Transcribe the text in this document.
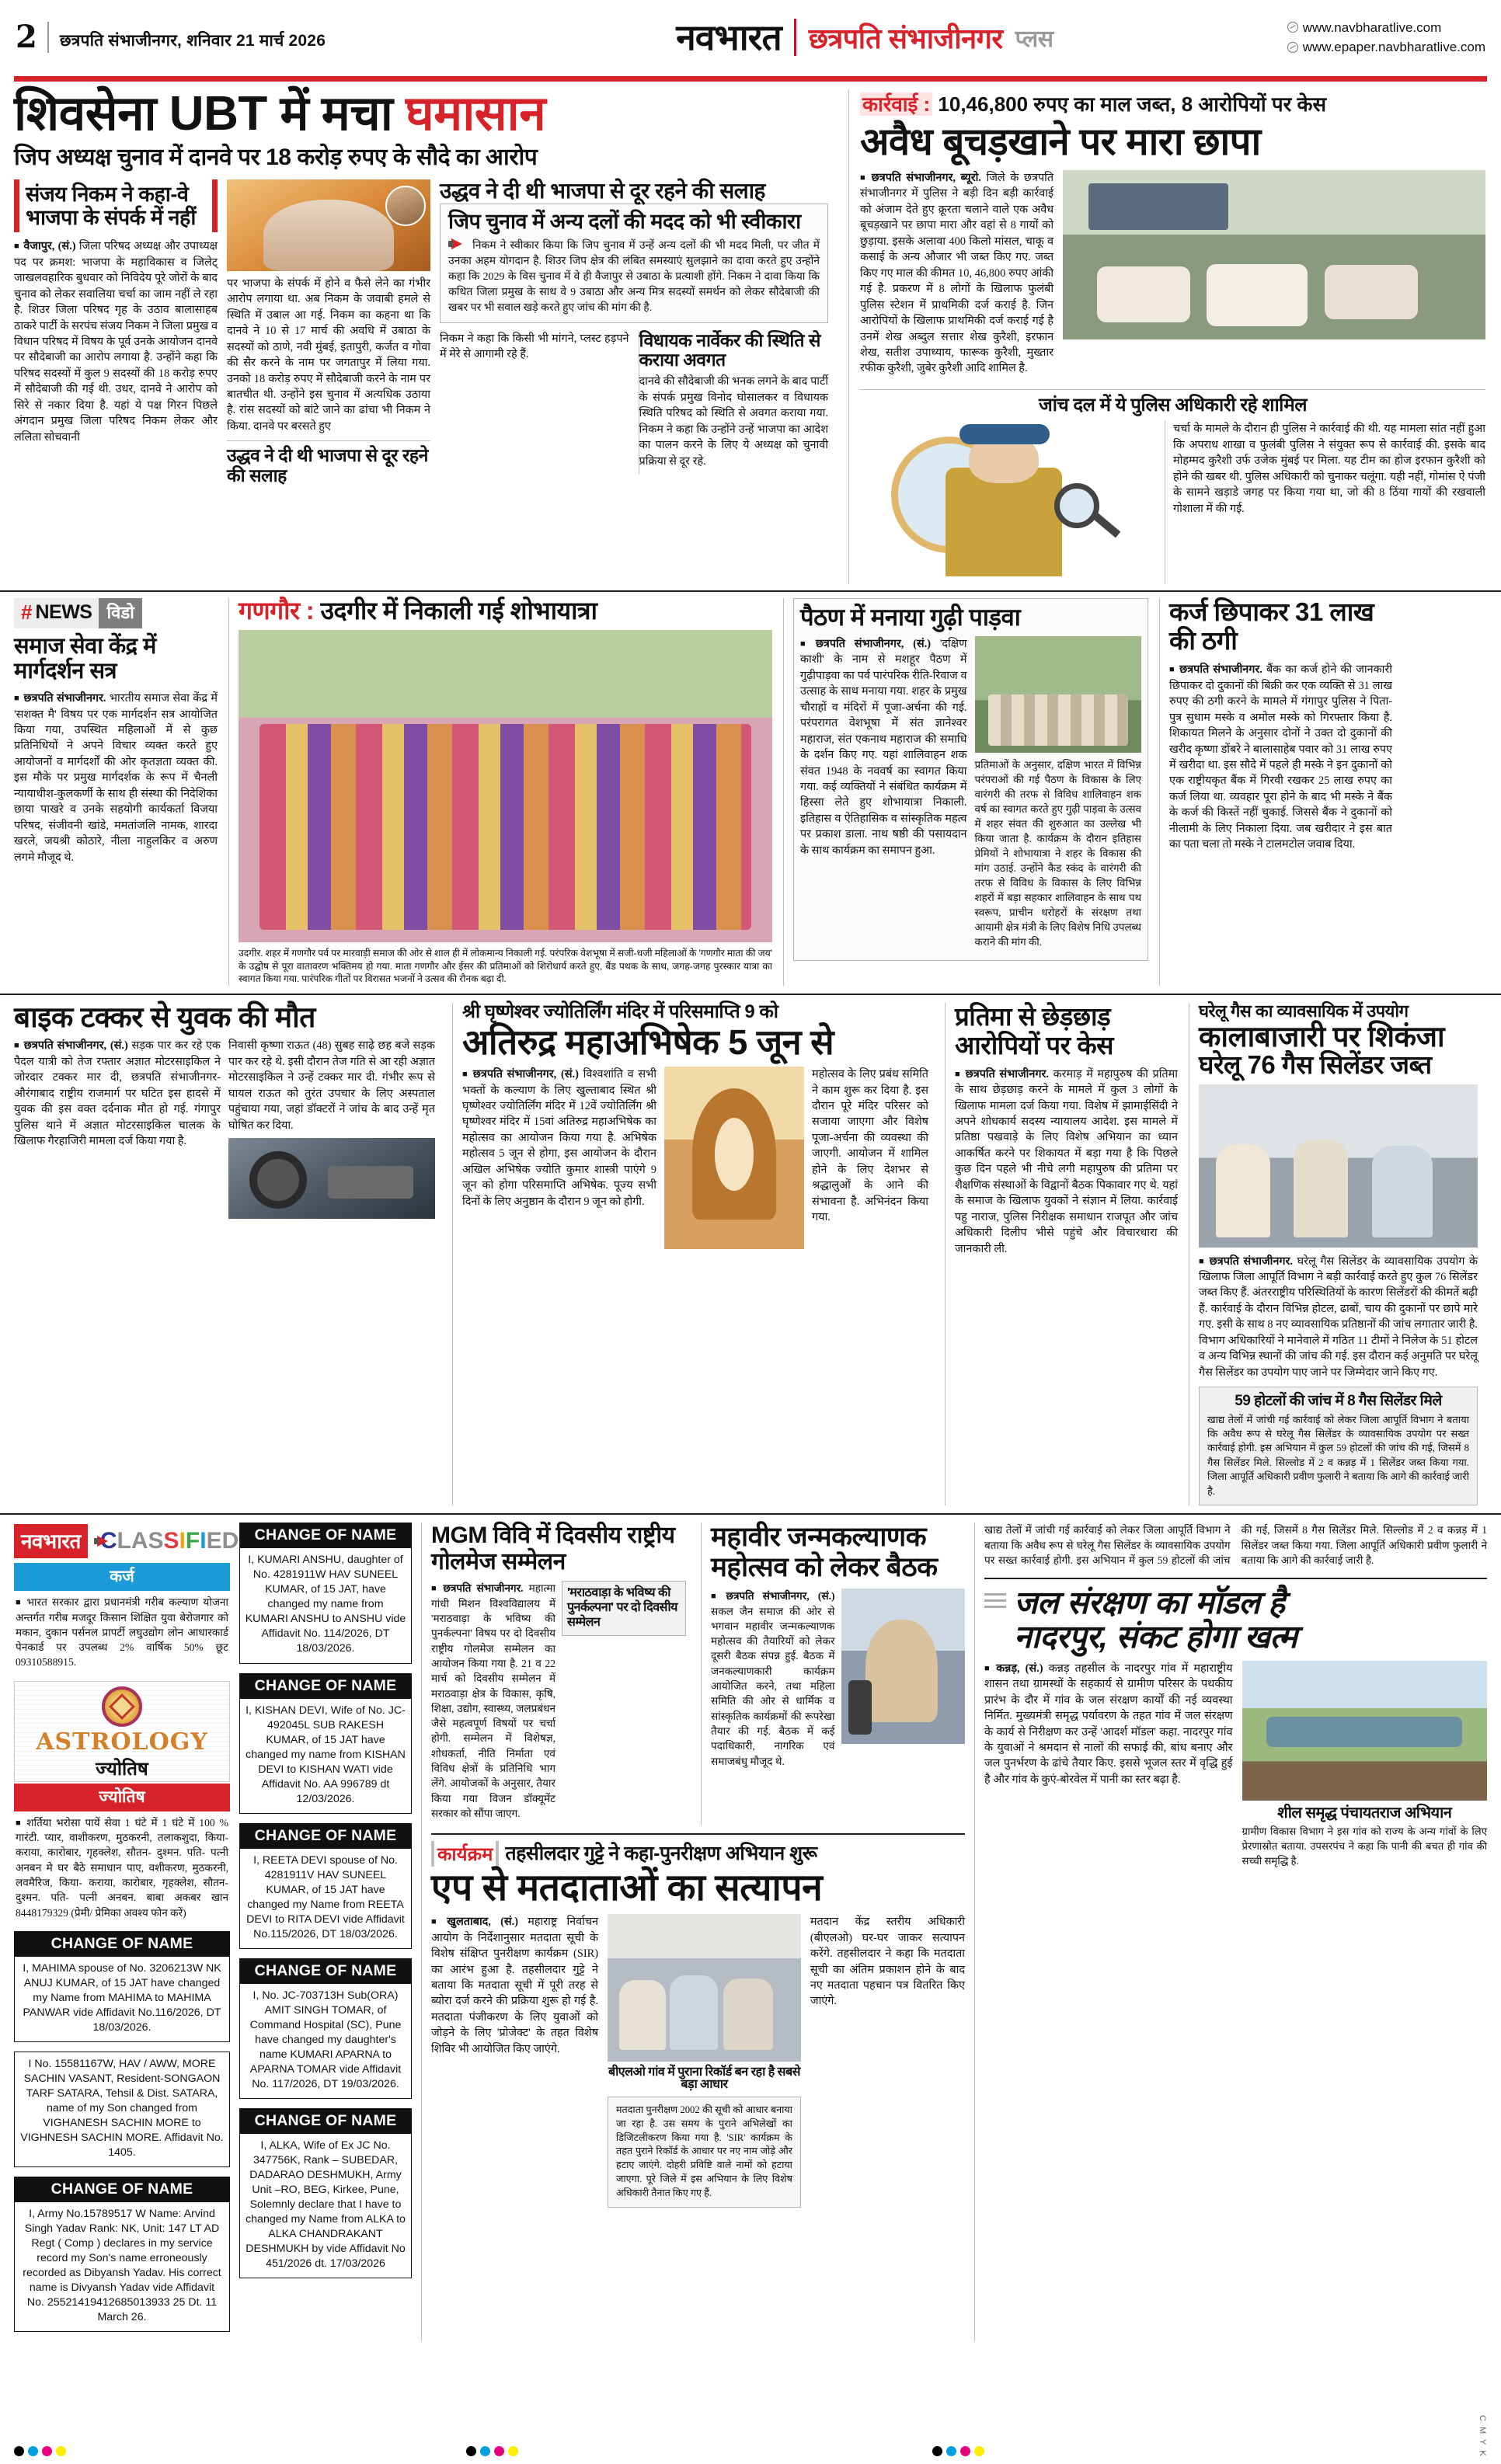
2 छत्रपति संभाजीनगर, शनिवार 21 मार्च 2026	नवभारत छत्रपति संभाजीनगर प्लस	www.navbharatlive.com
www.epaper.navbharatlive.com
शिवसेना UBT में मचा घमासान
जिप अध्यक्ष चुनाव में दानवे पर 18 करोड़ रुपए के सौदे का आरोप
संजय निकम ने कहा-वे भाजपा के संपर्क में नहीं

■ वैजापुर, (सं.) जिला परिषद अध्यक्ष और उपाध्यक्ष पद पर क्रमश: भाजपा के महाविकास व जिलेट् जाखलवहारिक बुधवार को निविदेय पूरे जोरों के बाद चुनाव को लेकर सवालिया चर्चा का जाम नहीं ले रहा है. शिउर जिला परिषद गृह के उठाव बालासाहब ठाकरे पार्टी के सरपंच संजय निकम ने जिला प्रमुख व विधान परिषद में विषय के पूर्व उनके आयोजन दानवे पर सौदेबाजी का आरोप लगाया है. उन्होंने कहा कि परिषद सदस्यों में कुल 9 सदस्यों की 18 करोड़ रुपए में सौदेबाजी की गई थी. उधर, दानवे ने आरोप को सिरे से नकार दिया है. यहां ये पक्ष गिरन पिछले अंगदान प्रमुख जिला परिषद निकम लेकर और ललिता सोचवानी

पर भाजपा के संपर्क में होने व फैसे लेने का गंभीर आरोप लगाया था. अब निकम के जवाबी हमले से स्थिति में उबाल आ गई. निकम का कहना था कि दानवे ने 10 से 17 मार्च की अवधि में उबाठा के सदस्यों को ठाणे, नवी मुंबई, इतापुरी, कर्जत व गोवा की सैर करने के नाम पर जगतापुर में लिया गया. उनको 18 करोड़ रुपए में सौदेबाजी करने के नाम पर बातचीत थी. उन्होंने इस चुनाव में अत्यधिक उठाया है. रांस सदस्यों को बांटे जाने का ढांचा भी निकम ने किया. दानवे पर बरसते हुए

उद्धव ने दी थी भाजपा से दूर रहने की सलाह
उद्धव ने दी थी भाजपा से दूर रहने की सलाह
जिप चुनाव में अन्य दलों की मदद को भी स्वीकारा
निकम ने स्वीकार किया कि जिप चुनाव में उन्हें अन्य दलों की भी मदद मिली, पर जीत में उनका अहम योगदान है. शिउर जिप क्षेत्र की लंबित समस्याएं सुलझाने का दावा करते हुए उन्होंने कहा कि 2029 के विस चुनाव में वे ही वैजापुर से उबाठा के प्रत्याशी होंगे. निकम ने दावा किया कि कथित जिला प्रमुख के साथ वे 9 उबाठा और अन्य मित्र सदस्यों समर्थन को लेकर सौदेबाजी की खबर पर भी सवाल खड़े करते हुए जांच की मांग की है.

निकम ने कहा कि किसी भी मांगने, प्लस्ट हड़पने में मेरे से आगामी रहे हैं.

विधायक नार्वेकर की स्थिति से कराया अवगत

दानवे की सौदेबाजी की भनक लगने के बाद पार्टी के संपर्क प्रमुख विनोद घोसालकर व विधायक स्थिति परिषद को स्थिति से अवगत कराया गया. निकम ने कहा कि उन्होंने उन्हें भाजपा का आदेश का पालन करने के लिए ये अध्यक्ष को चुनावी प्रक्रिया से दूर रहे.

कार्रवाई : 10,46,800 रुपए का माल जब्त, 8 आरोपियों पर केस
अवैध बूचड़खाने पर मारा छापा

■ छत्रपति संभाजीनगर, ब्यूरो. जिले के छत्रपति संभाजीनगर में पुलिस ने बड़ी दिन बड़ी कार्रवाई को अंजाम देते हुए क्रूरता चलाने वाले एक अवैध बूचड़खाने पर छापा मारा और वहां से 8 गायों को छुड़ाया. इसके अलावा 400 किलो मांसल, चाकू व कसाई के अन्य औजार भी जब्त किए गए. जब्त किए गए माल की कीमत 10, 46,800 रुपए आंकी गई है. प्रकरण में 8 लोगों के खिलाफ फुलंबी पुलिस स्टेशन में प्राथमिकी दर्ज कराई है. जिन आरोपियों के खिलाफ प्राथमिकी दर्ज कराई गई है उनमें शेख अब्दुल सत्तार शेख कुरैशी, इरफान शेख, सतीश उपाध्याय, फारूक कुरैशी, मुख्तार रफीक कुरैशी, जुबेर कुरैशी आदि शामिल है.

जांच दल में ये पुलिस अधिकारी रहे शामिल

चर्चा के मामले के दौरान ही पुलिस ने कार्रवाई की थी. यह मामला सांत नहीं हुआ कि अपराध शाखा व फुलंबी पुलिस ने संयुक्त रूप से कार्रवाई की. इसके बाद मोहम्मद कुरैशी उर्फ उजेक मुंबई पर मिला. यह टीम का होज इरफान कुरैशी को होने की खबर थी. पुलिस अधिकारी को चुनाकर चलूंगा. यही नहीं, गोमांस ऐ पंजी के सामने खड़ाडे जगह पर किया गया था, जो की 8 ठिंया गायों की रखवाली गोशाला में की गई.

# NEWS विडो
समाज सेवा केंद्र में मार्गदर्शन सत्र

■ छत्रपति संभाजीनगर. भारतीय समाज सेवा केंद्र में 'सशक्त मै' विषय पर एक मार्गदर्शन सत्र आयोजित किया गया, उपस्थित महिलाओं में से कुछ प्रतिनिधियों ने अपने विचार व्यक्त करते हुए आयोजनों व मार्गदर्शों की ओर कृतज्ञता व्यक्त की. इस मौके पर प्रमुख मार्गदर्शक के रूप में चैनली न्यायाधीश-कुलकर्णी के साथ ही संस्था की निदेशिका छाया पाखरे व उनके सहयोगी कार्यकर्ता विजया परिषद, संजीवनी खांडे, ममतांजलि नामक, शारदा खरले, जयश्री कोठारे, नीला नाहुलकिर व अरुण लगमे मौजूद थे.

गणगौर : उदगीर में निकाली गई शोभायात्रा
उदगीर. शहर में गणगौर पर्व पर मारवाड़ी समाज की ओर से शाल ही में लोकमान्य निकाली गई. परंपरिक वेशभूषा में सजी-धजी महिलाओं के 'गणगौर माता की जय' के उद्घोष से पूरा वातावरण भक्तिमय हो गया. माता गणगौर और ईसर की प्रतिमाओं को शिरोधार्य करते हुए, बैंड पथक के साथ, जगह-जगह पुरस्कार यात्रा का स्वागत किया गया. पारंपरिक गीतों पर विरासत भजनों ने उत्सव की रौनक बढ़ा दी.
पैठण में मनाया गुढ़ी पाड़वा

■ छत्रपति संभाजीनगर, (सं.) 'दक्षिण काशी' के नाम से मशहूर पैठण में गुढ़ीपाड़वा का पर्व पारंपरिक रीति-रिवाज व उत्साह के साथ मनाया गया. शहर के प्रमुख चौराहों व मंदिरों में पूजा-अर्चना की गई. परंपरागत वेशभूषा में संत ज्ञानेश्वर महाराज, संत एकनाथ महाराज की समाधि के दर्शन किए गए. यहां शालिवाहन शक संवत 1948 के नववर्ष का स्वागत किया गया. कई व्यक्तियों ने संबंधित कार्यक्रम में हिस्सा लेते हुए शोभायात्रा निकाली. इतिहास व ऐतिहासिक व सांस्कृतिक महत्व पर प्रकाश डाला. नाथ षष्ठी की पसायदान के साथ कार्यक्रम का समापन हुआ.

प्रतिमाओं के अनुसार, दक्षिण भारत में विभिन्न परंपराओं की गई पैठण के विकास के लिए वारंगरी की तरफ से विविध शालिवाहन शक वर्ष का स्वागत करते हुए गुढ़ी पाड़वा के उत्सव में शहर संवत की शुरुआत का उल्लेख भी किया जाता है. कार्यक्रम के दौरान इतिहास प्रेमियों ने शोभायात्रा ने शहर के विकास की मांग उठाई. उन्होंने कैड स्कंद के वारंगरी की तरफ से विविध के विकास के लिए विभिन्न शहरों में बड़ा सहकार शालिवाहन के साथ पथ स्वरूप, प्राचीन धरोहरों के संरक्षण तथा आयामी क्षेत्र मंत्री के लिए विशेष निधि उपलब्ध कराने की मांग की.

कर्ज छिपाकर 31 लाख की ठगी

■ छत्रपति संभाजीनगर. बैंक का कर्ज होने की जानकारी छिपाकर दो दुकानों की बिक्री कर एक व्यक्ति से 31 लाख रुपए की ठगी करने के मामले में गंगापुर पुलिस ने पिता-पुत्र सुधाम मस्के व अमोल मस्के को गिरफ्तार किया है. शिकायत मिलने के अनुसार दोनों ने उक्त दो दुकानों की खरीद कृष्णा डोंबरे ने बालासाहेब पवार को 31 लाख रुपए में खरीदा था. इस सौदे में पहले ही मस्के ने इन दुकानों को एक राष्ट्रीयकृत बैंक में गिरवी रखकर 25 लाख रुपए का कर्ज लिया था. व्यवहार पूरा होने के बाद भी मस्के ने बैंक के कर्ज की किस्तें नहीं चुकाई. जिससे बैंक ने दुकानों को नीलामी के लिए निकाला दिया. जब खरीदार ने इस बात का पता चला तो मस्के ने टालमटोल जवाब दिया.

बाइक टक्कर से युवक की मौत

■ छत्रपति संभाजीनगर, (सं.) सड़क पार कर रहे एक पैदल यात्री को तेज रफ्तार अज्ञात मोटरसाइकिल ने जोरदार टक्कर मार दी, छत्रपति संभाजीनगर-औरंगाबाद राष्ट्रीय राजमार्ग पर घटित इस हादसे में युवक की इस वक्त दर्दनाक मौत हो गई. गंगापुर पुलिस थाने में अज्ञात मोटरसाइकिल चालक के खिलाफ गैरहाजिरी मामला दर्ज किया गया है.

निवासी कृष्णा राऊत (48) सुबह साढ़े छह बजे सड़क पार कर रहे थे. इसी दौरान तेज गति से आ रही अज्ञात मोटरसाइकिल ने उन्हें टक्कर मार दी. गंभीर रूप से घायल राऊत को तुरंत उपचार के लिए अस्पताल पहुंचाया गया, जहां डॉक्टरों ने जांच के बाद उन्हें मृत घोषित कर दिया.

श्री घृष्णेश्वर ज्योतिर्लिंग मंदिर में परिसमाप्ति 9 को
अतिरुद्र महाअभिषेक 5 जून से

■ छत्रपति संभाजीनगर, (सं.) विश्वशांति व सभी भक्तों के कल्याण के लिए खुल्ताबाद स्थित श्री घृष्णेश्वर ज्योतिर्लिंग मंदिर में 12वें ज्योतिर्लिंग श्री घृष्णेश्वर मंदिर में 15वां अतिरुद्र महाअभिषेक का महोत्सव का आयोजन किया गया है. अभिषेक महोत्सव 5 जून से होगा, इस आयोजन के दौरान अखिल अभिषेक ज्योति कुमार शास्त्री पाएंगे 9 जून को होगा परिसमाप्ति अभिषेक. पूज्य सभी दिनों के लिए अनुष्ठान के दौरान 9 जून को होगी.

महोत्सव के लिए प्रबंध समिति ने काम शुरू कर दिया है. इस दौरान पूरे मंदिर परिसर को सजाया जाएगा और विशेष पूजा-अर्चना की व्यवस्था की जाएगी. आयोजन में शामिल होने के लिए देशभर से श्रद्धालुओं के आने की संभावना है. अभिनंदन किया गया.

प्रतिमा से छेड़छाड़ आरोपियों पर केस

■ छत्रपति संभाजीनगर. करमाड़ में महापुरुष की प्रतिमा के साथ छेड़छाड़ करने के मामले में कुल 3 लोगों के खिलाफ मामला दर्ज किया गया. विशेष में झामाईसिंदी ने अपने शोधकार्य सदस्य न्यायालय आदेश. इस मामले में प्रतिष्ठा पखवाड़े के लिए विशेष अभियान का ध्यान आकर्षित करने पर शिकायत में बड़ा गया है कि पिछले कुछ दिन पहले भी नीचे लगी महापुरुष की प्रतिमा पर शैक्षणिक संस्थाओं के विद्वानों बैठक पिकावार गए थे. यहां के समाज के खिलाफ युवकों ने संज्ञान में लिया. कार्रवाई पहु नाराज, पुलिस निरीक्षक समाधान राजपूत और जांच अधिकारी दिलीप भीसे पहुंचे और विचारधारा की जानकारी ली.

घरेलू गैस का व्यावसायिक में उपयोग
कालाबाजारी पर शिकंजा
घरेलू 76 गैस सिलेंडर जब्त

■ छत्रपति संभाजीनगर. घरेलू गैस सिलेंडर के व्यावसायिक उपयोग के खिलाफ जिला आपूर्ति विभाग ने बड़ी कार्रवाई करते हुए कुल 76 सिलेंडर जब्त किए हैं. अंतरराष्ट्रीय परिस्थितियों के कारण सिलेंडरों की कीमतें बढ़ी हैं. कार्रवाई के दौरान विभिन्न होटल, ढाबों, चाय की दुकानों पर छापे मारे गए. इसी के साथ 8 नए व्यावसायिक प्रतिष्ठानों की जांच लगातार जारी है. विभाग अधिकारियों ने मानेवाले में गठित 11 टीमों ने निलेज के 51 होटल व अन्य विभिन्न स्थानों की जांच की गई. इस दौरान कई अनुमति पर घरेलू गैस सिलेंडर का उपयोग पाए जाने पर जिम्मेदार जाने किए गए.

59 होटलों की जांच में 8 गैस सिलेंडर मिले
खाद्य तेलों में जांची गई कार्रवाई को लेकर जिला आपूर्ति विभाग ने बताया कि अवैध रूप से घरेलू गैस सिलेंडर के व्यावसायिक उपयोग पर सख्त कार्रवाई होगी. इस अभियान में कुल 59 होटलों की जांच की गई, जिसमें 8 गैस सिलेंडर मिले. सिल्लोड में 2 व कन्नड़ में 1 सिलेंडर जब्त किया गया. जिला आपूर्ति अधिकारी प्रवीण फुलारी ने बताया कि आगे की कार्रवाई जारी है.
नवभारत CLASSIFIED
कर्ज

■ भारत सरकार द्वारा प्रधानमंत्री गरीब कल्याण योजना अन्तर्गत गरीब मजदूर किसान शिक्षित युवा बेरोजगार को मकान, दुकान पर्सनल प्रापर्टी लघुउद्योग लोन आधारकार्ड पेनकार्ड पर उपलब्ध 2% वार्षिक 50% छूट 09310588915.

ASTROLOGY
ज्योतिष
ज्योतिष

■ शर्तिया भरोसा पायें सेवा 1 घंटे में 1 घंटे में 100 % गारंटी. प्यार, वाशीकरण, मुठकरनी, तलाकशुदा, किया- कराया, कारोबार, गृहक्लेश, सौतन- दुश्मन. पति- पत्नी अनबन मे घर बैठे समाधान पाए, वशीकरण, मुठकरनी, लवमैरिज, किया- कराया, कारोबार, गृहक्लेश, सौतन- दुश्मन. पति- पत्नी अनबन. बाबा अकबर खान 8448179329 (प्रेमी/ प्रेमिका अवश्य फोन करें)

CHANGE OF NAME
I, MAHIMA spouse of No. 3206213W NK ANUJ KUMAR, of 15 JAT have changed my Name from MAHIMA to MAHIMA PANWAR vide Affidavit No.116/2026, DT 18/03/2026.
I No. 15581167W, HAV / AWW, MORE SACHIN VASANT, Resident-SONGAON TARF SATARA, Tehsil & Dist. SATARA, name of my Son changed from VIGHANESH SACHIN MORE to VIGHNESH SACHIN MORE. Affidavit No. 1405.
CHANGE OF NAME
I, Army No.15789517 W Name: Arvind Singh Yadav Rank: NK, Unit: 147 LT AD Regt ( Comp ) declares in my service record my Son's name erroneously recorded as Dibyansh Yadav. His correct name is Divyansh Yadav vide Affidavit No. 25521419412685013933 25 Dt. 11 March 26.
CHANGE OF NAME
I, KUMARI ANSHU, daughter of No. 4281911W HAV SUNEEL KUMAR, of 15 JAT, have changed my name from KUMARI ANSHU to ANSHU vide Affidavit No. 114/2026, DT 18/03/2026.
CHANGE OF NAME
I, KISHAN DEVI, Wife of No. JC-492045L SUB RAKESH KUMAR, of 15 JAT have changed my name from KISHAN DEVI to KISHAN WATI vide Affidavit No. AA 996789 dt 12/03/2026.
CHANGE OF NAME
I, REETA DEVI spouse of No. 4281911V HAV SUNEEL KUMAR, of 15 JAT have changed my Name from REETA DEVI to RITA DEVI vide Affidavit No.115/2026, DT 18/03/2026.
CHANGE OF NAME
I, No. JC-703713H Sub(ORA) AMIT SINGH TOMAR, of Command Hospital (SC), Pune have changed my daughter's name KUMARI APARNA to APARNA TOMAR vide Affidavit No. 117/2026, DT 19/03/2026.
CHANGE OF NAME
I, ALKA, Wife of Ex JC No. 347756K, Rank – SUBEDAR, DADARAO DESHMUKH, Army Unit –RO, BEG, Kirkee, Pune, Solemnly declare that I have to changed my Name from ALKA to ALKA CHANDRAKANT DESHMUKH by vide Affidavit No 451/2026 dt. 17/03/2026
MGM विवि में दिवसीय राष्ट्रीय गोलमेज सम्मेलन

■ छत्रपति संभाजीनगर. महात्मा गांधी मिशन विश्वविद्यालय में 'मराठवाड़ा के भविष्य की पुनर्कल्पना' विषय पर दो दिवसीय राष्ट्रीय गोलमेज सम्मेलन का आयोजन किया गया है. 21 व 22 मार्च को दिवसीय सम्मेलन में मराठवाड़ा क्षेत्र के विकास, कृषि, शिक्षा, उद्योग, स्वास्थ्य, जलप्रबंधन जैसे महत्वपूर्ण विषयों पर चर्चा होगी. सम्मेलन में विशेषज्ञ, शोधकर्ता, नीति निर्माता एवं विविध क्षेत्रों के प्रतिनिधि भाग लेंगे. आयोजकों के अनुसार, तैयार किया गया विजन डॉक्यूमेंट सरकार को सौंपा जाएग.

'मराठवाड़ा के भविष्य की पुनर्कल्पना' पर दो दिवसीय सम्मेलन
महावीर जन्मकल्याणक महोत्सव को लेकर बैठक

■ छत्रपति संभाजीनगर, (सं.) सकल जैन समाज की ओर से भगवान महावीर जन्मकल्याणक महोत्सव की तैयारियों को लेकर दूसरी बैठक संपन्न हुई. बैठक में जनकल्याणकारी कार्यक्रम आयोजित करने, तथा महिला समिति की ओर से धार्मिक व सांस्कृतिक कार्यक्रमों की रूपरेखा तैयार की गई. बैठक में कई पदाधिकारी, नागरिक एवं समाजबंधु मौजूद थे.

कार्यक्रम तहसीलदार गुट्टे ने कहा-पुनरीक्षण अभियान शुरू
एप से मतदाताओं का सत्यापन

■ खुलताबाद, (सं.) महाराष्ट्र निर्वाचन आयोग के निर्देशानुसार मतदाता सूची के विशेष संक्षिप्त पुनरीक्षण कार्यक्रम (SIR) का आरंभ हुआ है. तहसीलदार गुट्टे ने बताया कि मतदाता सूची में पूरी तरह से ब्योरा दर्ज करने की प्रक्रिया शुरू हो गई है. मतदाता पंजीकरण के लिए युवाओं को जोड़ने के लिए 'प्रोजेक्ट' के तहत विशेष शिविर भी आयोजित किए जाएंगे.

बीएलओ गांव में पुराना रिकॉर्ड बन रहा है सबसे बड़ा आधार
मतदाता पुनरीक्षण 2002 की सूची को आधार बनाया जा रहा है. उस समय के पुराने अभिलेखों का डिजिटलीकरण किया गया है. 'SIR' कार्यक्रम के तहत पुराने रिकॉर्ड के आधार पर नए नाम जोड़े और हटाए जाएंगे. दोहरी प्रविष्टि वाले नामों को हटाया जाएगा. पूरे जिले में इस अभियान के लिए विशेष अधिकारी तैनात किए गए हैं.

मतदान केंद्र स्तरीय अधिकारी (बीएलओ) घर-घर जाकर सत्यापन करेंगे. तहसीलदार ने कहा कि मतदाता सूची का अंतिम प्रकाशन होने के बाद नए मतदाता पहचान पत्र वितरित किए जाएंगे.

खाद्य तेलों में जांची गई कार्रवाई को लेकर जिला आपूर्ति विभाग ने बताया कि अवैध रूप से घरेलू गैस सिलेंडर के व्यावसायिक उपयोग पर सख्त कार्रवाई होगी. इस अभियान में कुल 59 होटलों की जांच की गई, जिसमें 8 गैस सिलेंडर मिले. सिल्लोड में 2 व कन्नड़ में 1 सिलेंडर जब्त किया गया. जिला आपूर्ति अधिकारी प्रवीण फुलारी ने बताया कि आगे की कार्रवाई जारी है.

जल संरक्षण का मॉडल है
नादरपुर, संकट होगा खत्म

■ कन्नड़, (सं.) कन्नड़ तहसील के नादरपुर गांव में महाराष्ट्रीय शासन तथा ग्रामस्थों के सहकार्य से ग्रामीण परिसर के पथकीय प्रारंभ के दौर में गांव के जल संरक्षण कार्यों की नई व्यवस्था निर्मित. मुख्यमंत्री समृद्ध पर्यावरण के तहत गांव में जल संरक्षण के कार्य से निरीक्षण कर उन्हें 'आदर्श मॉडल' कहा. नादरपुर गांव के युवाओं ने श्रमदान से नालों की सफाई की, बांध बनाए और जल पुनर्भरण के ढांचे तैयार किए. इससे भूजल स्तर में वृद्धि हुई है और गांव के कुएं-बोरवेल में पानी का स्तर बढ़ा है.

शील समृद्ध पंचायतराज अभियान
ग्रामीण विकास विभाग ने इस गांव को राज्य के अन्य गांवों के लिए प्रेरणास्रोत बताया. उपसरपंच ने कहा कि पानी की बचत ही गांव की सच्ची समृद्धि है.
C M Y K
